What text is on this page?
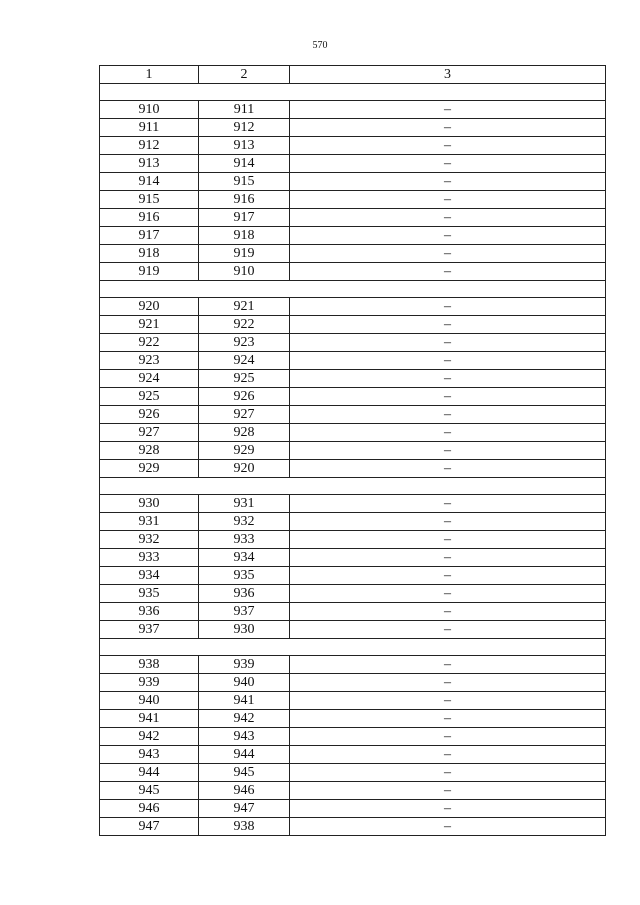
570
1	2	3

910	911	–
911	912	–
912	913	–
913	914	–
914	915	–
915	916	–
916	917	–
917	918	–
918	919	–
919	910	–

920	921	–
921	922	–
922	923	–
923	924	–
924	925	–
925	926	–
926	927	–
927	928	–
928	929	–
929	920	–

930	931	–
931	932	–
932	933	–
933	934	–
934	935	–
935	936	–
936	937	–
937	930	–

938	939	–
939	940	–
940	941	–
941	942	–
942	943	–
943	944	–
944	945	–
945	946	–
946	947	–
947	938	–
